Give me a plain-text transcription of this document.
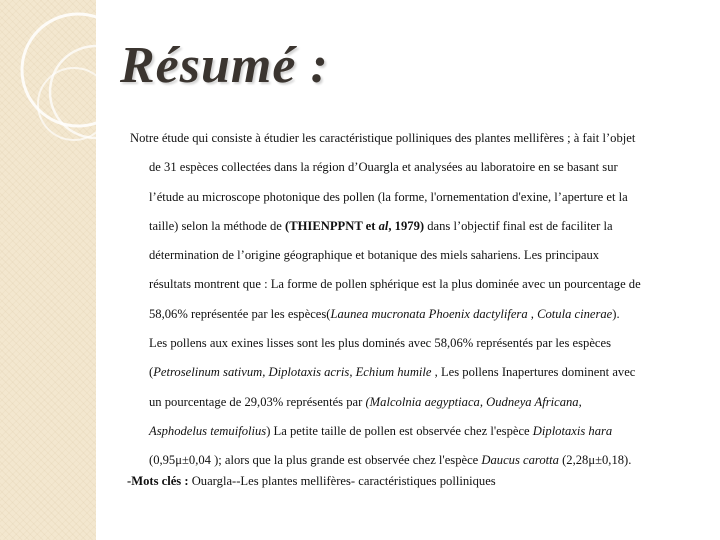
Résumé :

Notre étude qui consiste à étudier les caractéristique polliniques des plantes mellifères ; à fait l’objet
de 31 espèces collectées dans la région d’Ouargla et analysées au laboratoire en se basant sur
l’étude au microscope photonique des pollen (la forme, l'ornementation d'exine, l’aperture et la
taille) selon la méthode de (THIENPPNT et al, 1979) dans l’objectif final est de faciliter la
détermination de l’origine géographique et botanique des miels sahariens. Les principaux
résultats montrent que : La forme de pollen sphérique est la plus dominée avec un pourcentage de
58,06% représentée par les espèces(Launea mucronata Phoenix dactylifera , Cotula cinerae).
Les pollens aux exines lisses sont les plus dominés avec 58,06% représentés par les espèces
(Petroselinum sativum, Diplotaxis acris, Echium humile , Les pollens Inapertures dominent avec
un pourcentage de 29,03% représentés par (Malcolnia aegyptiaca, Oudneya Africana,
Asphodelus temuifolius) La petite taille de pollen est observée chez l'espèce Diplotaxis hara
(0,95μ±0,04 ); alors que la plus grande est observée chez l'espèce Daucus carotta (2,28μ±0,18).

-Mots clés : Ouargla--Les plantes mellifères- caractéristiques polliniques
